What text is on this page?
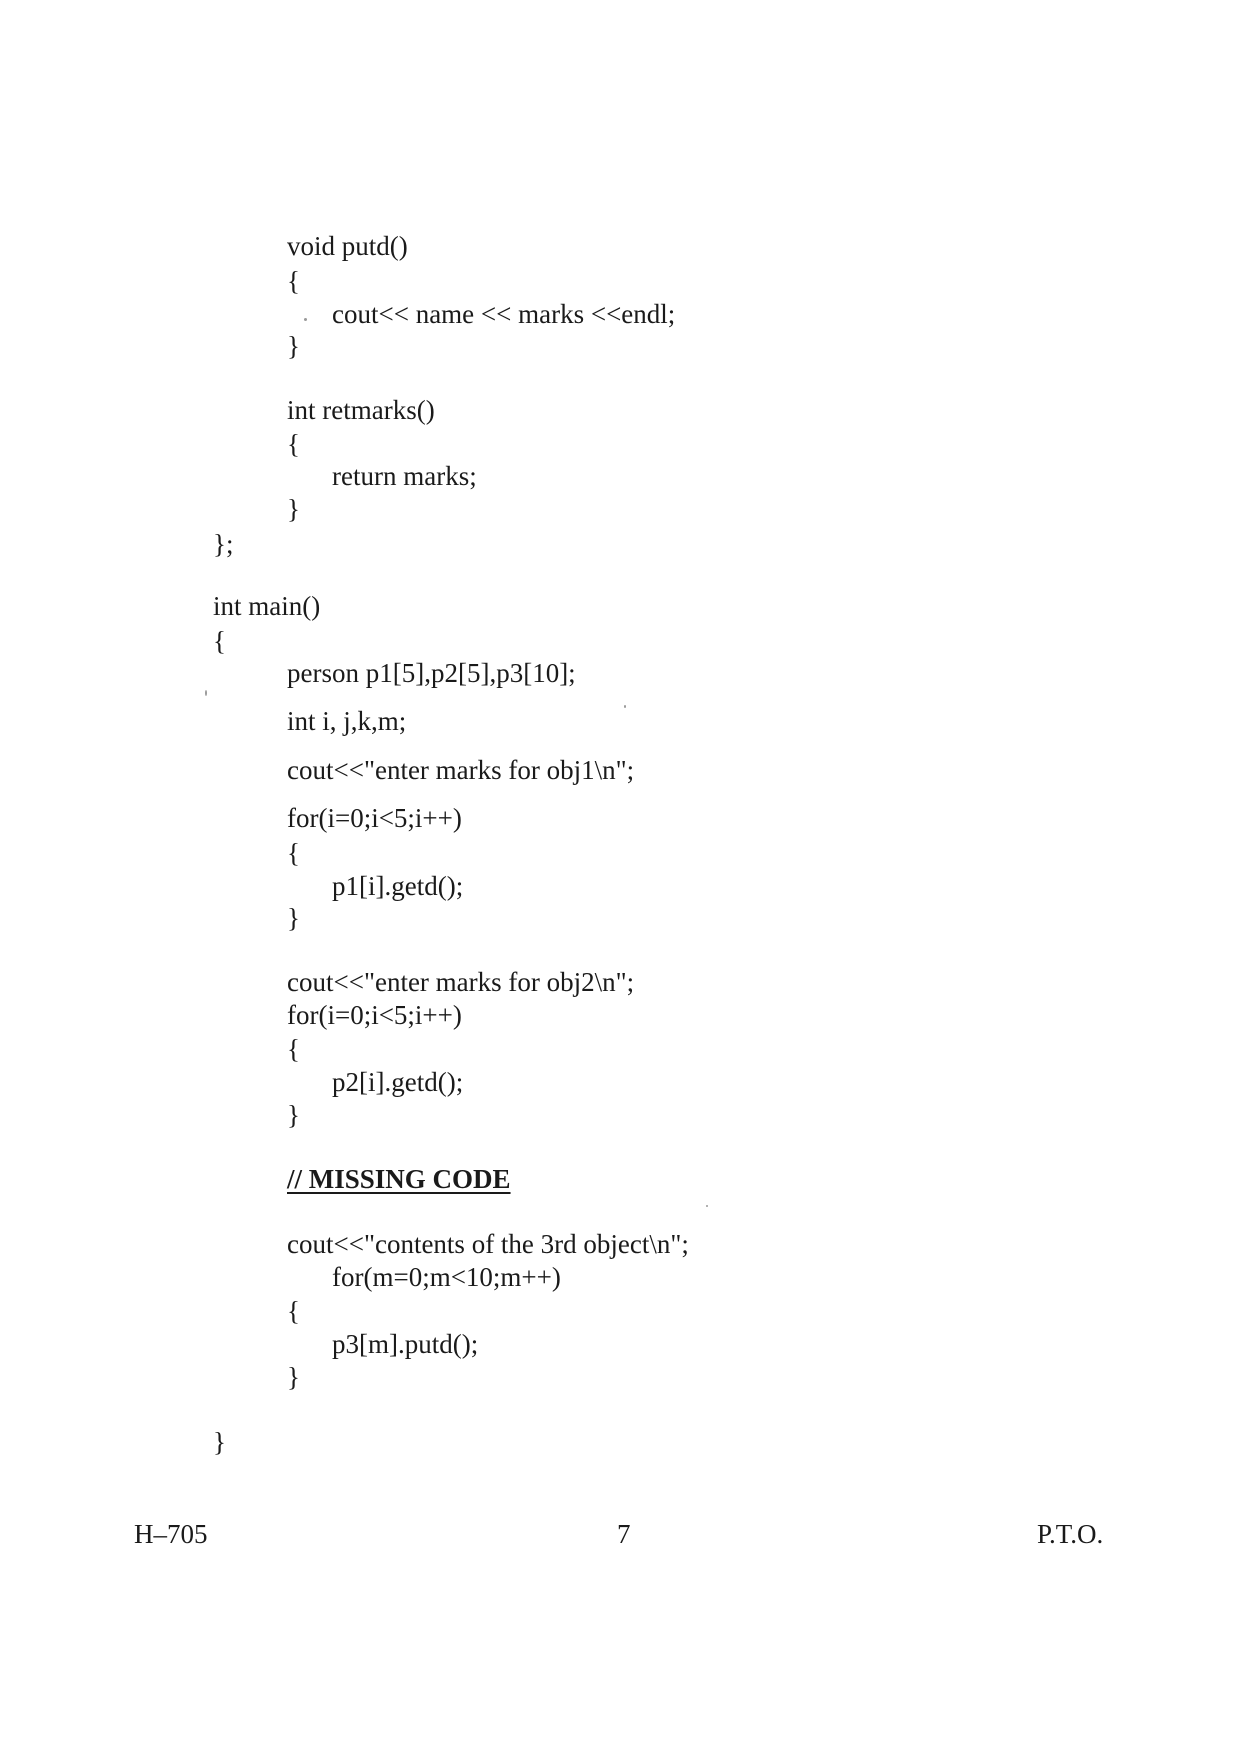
void putd()
{
cout<< name << marks <<endl;
}
int retmarks()
{
return marks;
}
};
int main()
{
person p1[5],p2[5],p3[10];
int i, j,k,m;
cout<<"enter marks for obj1\n";
for(i=0;i<5;i++)
{
p1[i].getd();
}
cout<<"enter marks for obj2\n";
for(i=0;i<5;i++)
{
p2[i].getd();
}
// MISSING CODE
cout<<"contents of the 3rd object\n";
for(m=0;m<10;m++)
{
p3[m].putd();
}
}
H–705	7	P.T.O.
